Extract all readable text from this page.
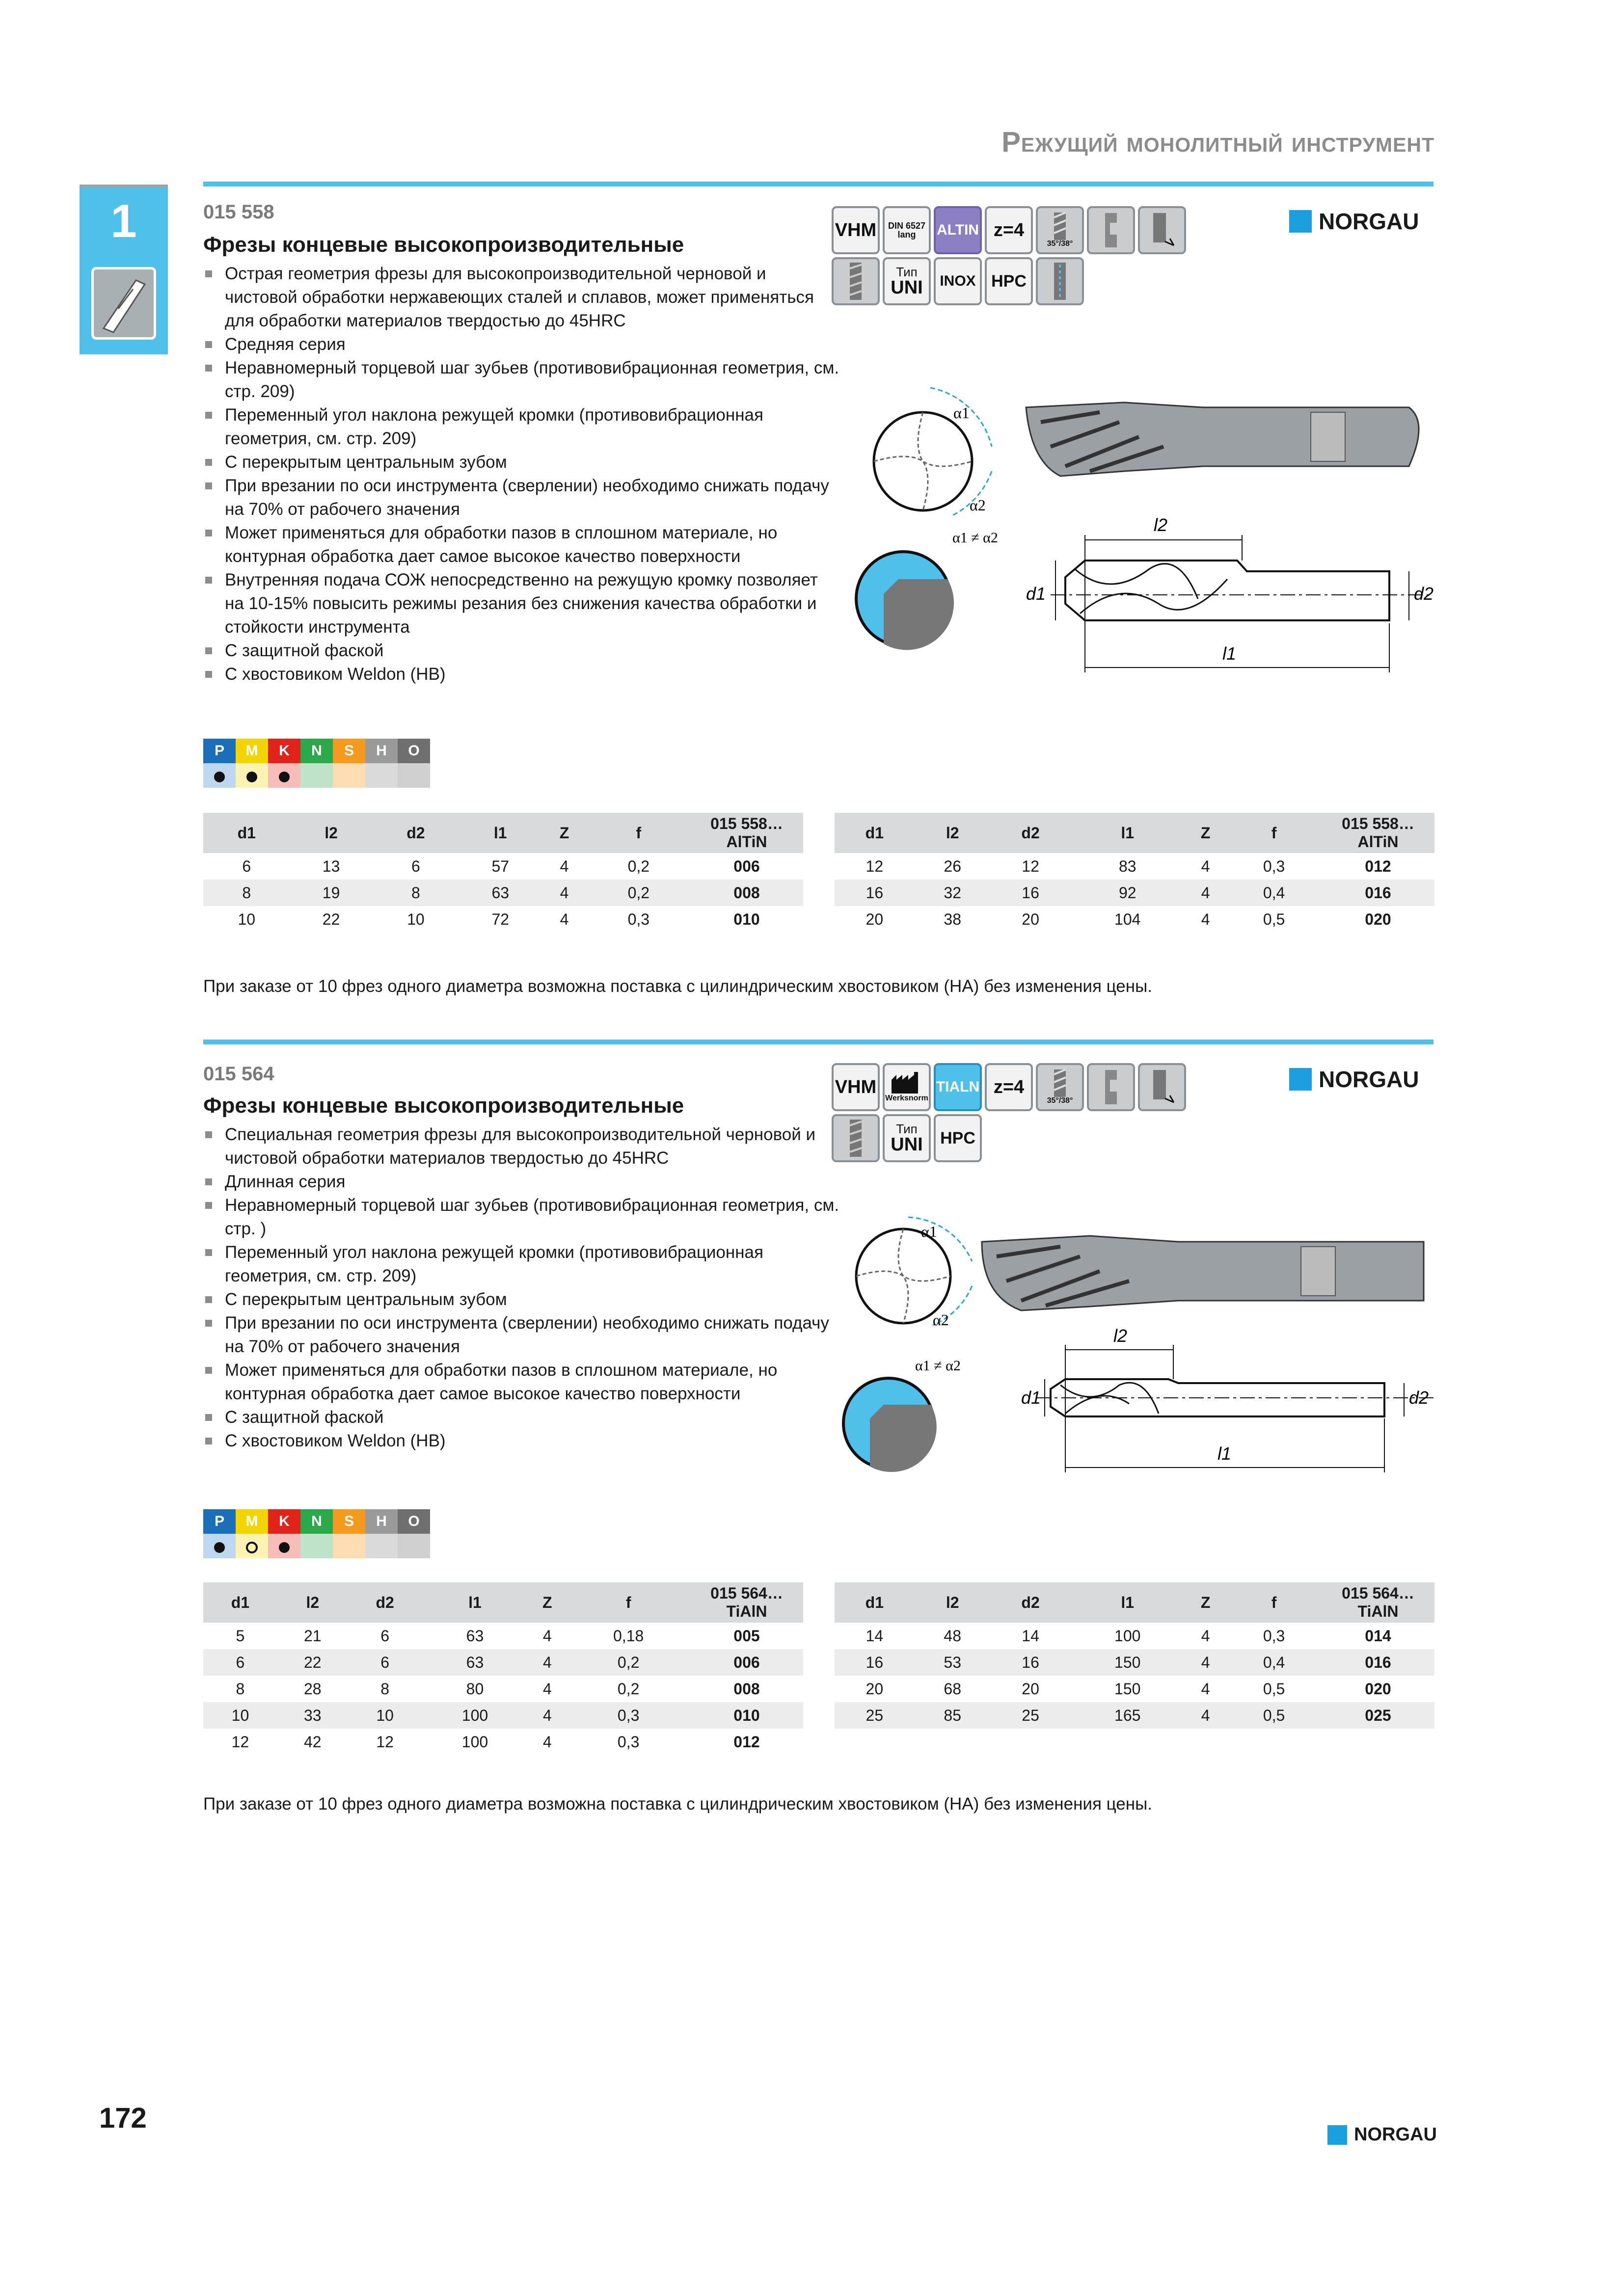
Режущий монолитный инструмент
1	015 558
Фрезы концевые высокопроизводительные
Острая геометрия фрезы для высокопроизводительной черновой и чистовой обработки нержавеющих сталей и сплавов, может применяться для обработки материалов твердостью до 45HRC
Средняя серия
Неравномерный торцевой шаг зубьев (противовибрационная геометрия, см. стр. 209)
Переменный угол наклона режущей кромки (противовибрационная геометрия, см. стр. 209)
С перекрытым центральным зубом
При врезании по оси инструмента (сверлении) необходимо снижать подачу на 70% от рабочего значения
Может применяться для обработки пазов в сплошном материале, но контурная обработка дает самое высокое качество поверхности
Внутренняя подача СОЖ непосредственно на режущую кромку позволяет на 10-15% повысить режимы резания без снижения качества обработки и стойкости инструмента
С защитной фаской
С хвостовиком Weldon (HB)
VHM DIN 6527
lang ALTIN z=4
35°/38°
Тип
UNI INOX HPC
NORGAU
α1
α2
α1 ≠ α2
l2
l1
d1	d2
P	M	K	N	S	H	O
d1	l2	d2	l1	Z	f	015 558…
AlTiN

6	13	6	57	4	0,2	006
8	19	8	63	4	0,2	008
10	22	10	72	4	0,3	010
d1	l2	d2	l1	Z	f	015 558…
AlTiN

12	26	12	83	4	0,3	012
16	32	16	92	4	0,4	016
20	38	20	104	4	0,5	020
При заказе от 10 фрез одного диаметра возможна поставка с цилиндрическим хвостовиком (HA) без изменения цены.
015 564
Фрезы концевые высокопроизводительные
Специальная геометрия фрезы для высокопроизводительной черновой и чистовой обработки материалов твердостью до 45HRC
Длинная серия
Неравномерный торцевой шаг зубьев (противовибрационная геометрия, см. стр. )
Переменный угол наклона режущей кромки (противовибрационная геометрия, см. стр. 209)
С перекрытым центральным зубом
При врезании по оси инструмента (сверлении) необходимо снижать подачу на 70% от рабочего значения
Может применяться для обработки пазов в сплошном материале, но контурная обработка дает самое высокое качество поверхности
С защитной фаской
С хвостовиком Weldon (HB)
VHM
Werksnorm
TIALN z=4
35°/38°
Тип
UNI HPC
NORGAU
α1
α2
α1 ≠ α2
l2
l1
d1	d2
P	M	K	N	S	H	O
d1	l2	d2	l1	Z	f	015 564…
TiAlN

5	21	6	63	4	0,18	005
6	22	6	63	4	0,2	006
8	28	8	80	4	0,2	008
10	33	10	100	4	0,3	010
12	42	12	100	4	0,3	012
d1	l2	d2	l1	Z	f	015 564…
TiAlN

14	48	14	100	4	0,3	014
16	53	16	150	4	0,4	016
20	68	20	150	4	0,5	020
25	85	25	165	4	0,5	025
При заказе от 10 фрез одного диаметра возможна поставка с цилиндрическим хвостовиком (HA) без изменения цены.
172
NORGAU
